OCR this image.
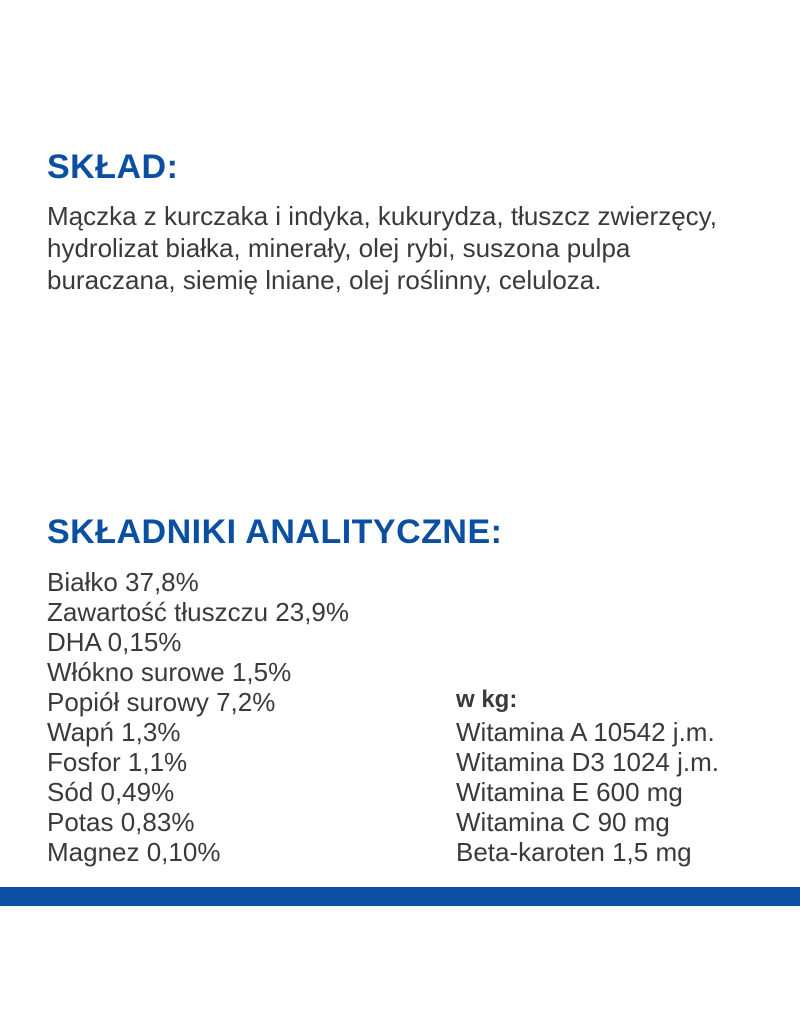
SKŁAD:

Mączka z kurczaka i indyka, kukurydza, tłuszcz zwierzęcy, hydrolizat białka, minerały, olej rybi, suszona pulpa buraczana, siemię lniane, olej roślinny, celuloza.

SKŁADNIKI ANALITYCZNE:
Białko 37,8%
Zawartość tłuszczu 23,9%
DHA 0,15%
Włókno surowe 1,5%
Popiół surowy 7,2%
Wapń 1,3%
Fosfor 1,1%
Sód 0,49%
Potas 0,83%
Magnez 0,10%
w kg:
Witamina A 10542 j.m.
Witamina D3 1024 j.m.
Witamina E 600 mg
Witamina C 90 mg
Beta-karoten 1,5 mg
